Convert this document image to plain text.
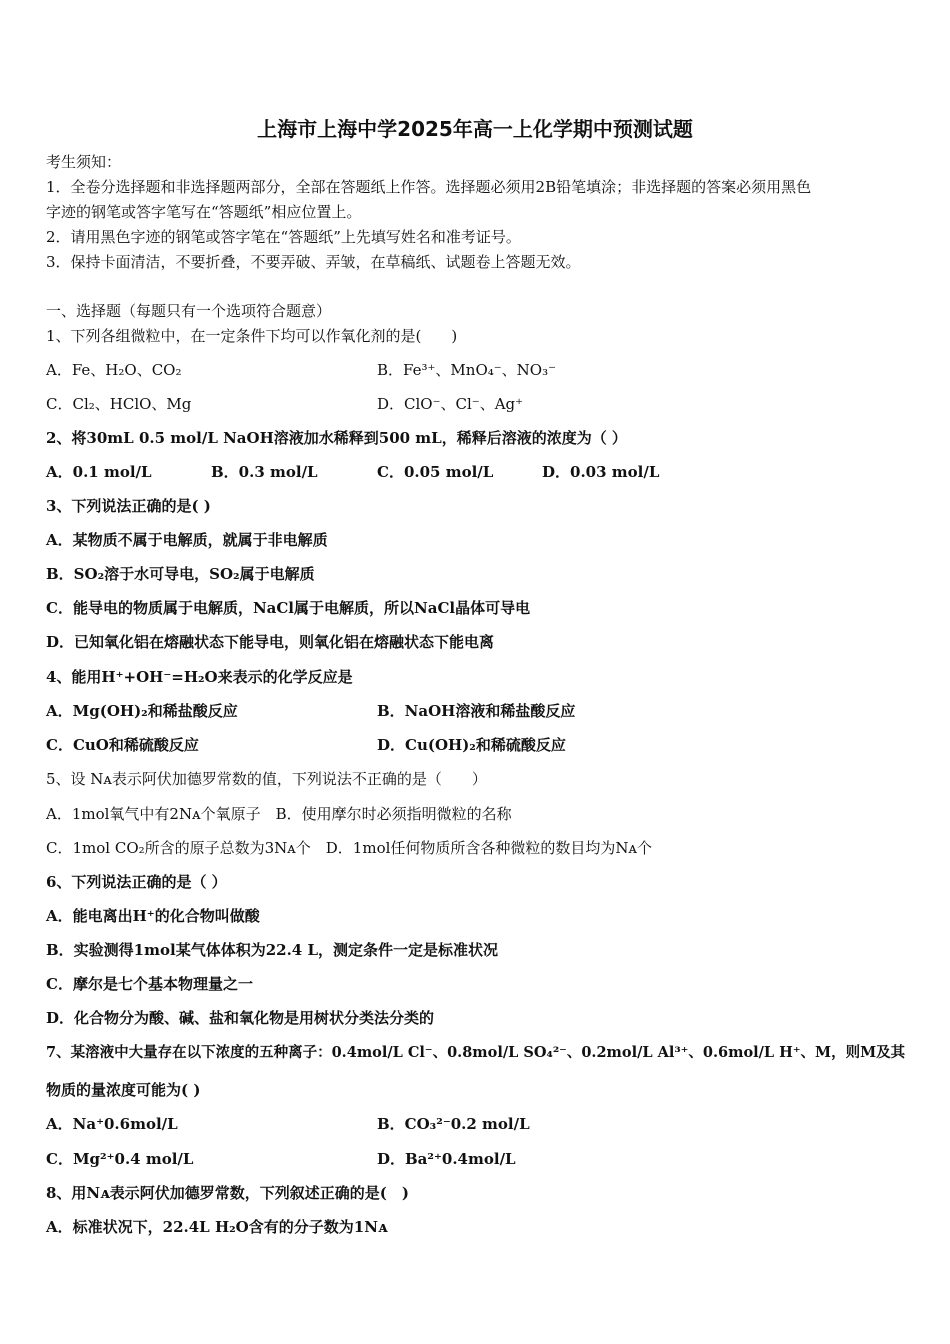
上海市上海中学2025年高一上化学期中预测试题
考生须知：
1．全卷分选择题和非选择题两部分，全部在答题纸上作答。选择题必须用2B铅笔填涂；非选择题的答案必须用黑色
字迹的钢笔或答字笔写在“答题纸”相应位置上。
2．请用黑色字迹的钢笔或答字笔在“答题纸”上先填写姓名和准考证号。
3．保持卡面清洁，不要折叠，不要弄破、弄皱，在草稿纸、试题卷上答题无效。
一、选择题（每题只有一个选项符合题意）
1、下列各组微粒中，在一定条件下均可以作氧化剂的是(　　)
A．Fe、H₂O、CO₂	B．Fe³⁺、MnO₄⁻、NO₃⁻
C．Cl₂、HClO、Mg	D．ClO⁻、Cl⁻、Ag⁺
2、将30mL 0.5 mol/L NaOH溶液加水稀释到500 mL，稀释后溶液的浓度为（ ）
A．0.1 mol/L	B．0.3 mol/L	C．0.05 mol/L	D．0.03 mol/L
3、下列说法正确的是( )
A．某物质不属于电解质，就属于非电解质
B．SO₂溶于水可导电，SO₂属于电解质
C．能导电的物质属于电解质，NaCl属于电解质，所以NaCl晶体可导电
D．已知氧化铝在熔融状态下能导电，则氧化铝在熔融状态下能电离
4、能用H⁺+OH⁻=H₂O来表示的化学反应是
A．Mg(OH)₂和稀盐酸反应	B．NaOH溶液和稀盐酸反应
C．CuO和稀硫酸反应	D．Cu(OH)₂和稀硫酸反应
5、设 Nᴀ表示阿伏加德罗常数的值，下列说法不正确的是（　　）
A．1mol氧气中有2Nᴀ个氧原子　B．使用摩尔时必须指明微粒的名称
C．1mol CO₂所含的原子总数为3Nᴀ个　D．1mol任何物质所含各种微粒的数目均为Nᴀ个
6、下列说法正确的是（ ）
A．能电离出H⁺的化合物叫做酸
B．实验测得1mol某气体体积为22.4 L，测定条件一定是标准状况
C．摩尔是七个基本物理量之一
D．化合物分为酸、碱、盐和氧化物是用树状分类法分类的
7、某溶液中大量存在以下浓度的五种离子：0.4mol/L Cl⁻、0.8mol/L SO₄²⁻、0.2mol/L Al³⁺、0.6mol/L H⁺、M，则M及其
物质的量浓度可能为( )
A．Na⁺0.6mol/L	B．CO₃²⁻0.2 mol/L
C．Mg²⁺0.4 mol/L	D．Ba²⁺0.4mol/L
8、用Nᴀ表示阿伏加德罗常数，下列叙述正确的是(　)
A．标准状况下，22.4L H₂O含有的分子数为1Nᴀ
